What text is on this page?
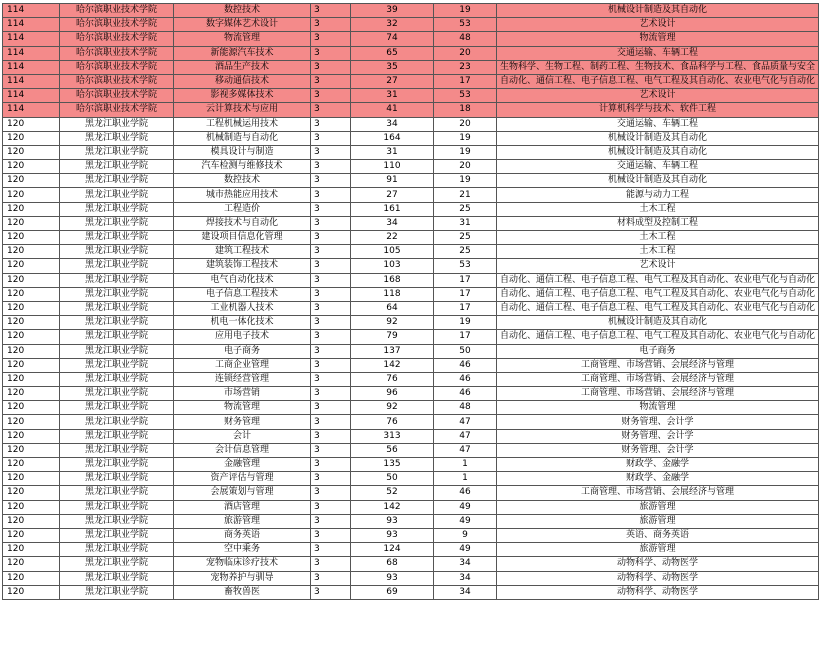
114	哈尔滨职业技术学院	数控技术	3	39	19	机械设计制造及其自动化
114	哈尔滨职业技术学院	数字媒体艺术设计	3	32	53	艺术设计
114	哈尔滨职业技术学院	物流管理	3	74	48	物流管理
114	哈尔滨职业技术学院	新能源汽车技术	3	65	20	交通运输、车辆工程
114	哈尔滨职业技术学院	酒品生产技术	3	35	23	生物科学、生物工程、制药工程、生物技术、食品科学与工程、食品质量与安全
114	哈尔滨职业技术学院	移动通信技术	3	27	17	自动化、通信工程、电子信息工程、电气工程及其自动化、农业电气化与自动化
114	哈尔滨职业技术学院	影视多媒体技术	3	31	53	艺术设计
114	哈尔滨职业技术学院	云计算技术与应用	3	41	18	计算机科学与技术、软件工程
120	黑龙江职业学院	工程机械运用技术	3	34	20	交通运输、车辆工程
120	黑龙江职业学院	机械制造与自动化	3	164	19	机械设计制造及其自动化
120	黑龙江职业学院	模具设计与制造	3	31	19	机械设计制造及其自动化
120	黑龙江职业学院	汽车检测与维修技术	3	110	20	交通运输、车辆工程
120	黑龙江职业学院	数控技术	3	91	19	机械设计制造及其自动化
120	黑龙江职业学院	城市热能应用技术	3	27	21	能源与动力工程
120	黑龙江职业学院	工程造价	3	161	25	土木工程
120	黑龙江职业学院	焊接技术与自动化	3	34	31	材料成型及控制工程
120	黑龙江职业学院	建设项目信息化管理	3	22	25	土木工程
120	黑龙江职业学院	建筑工程技术	3	105	25	土木工程
120	黑龙江职业学院	建筑装饰工程技术	3	103	53	艺术设计
120	黑龙江职业学院	电气自动化技术	3	168	17	自动化、通信工程、电子信息工程、电气工程及其自动化、农业电气化与自动化
120	黑龙江职业学院	电子信息工程技术	3	118	17	自动化、通信工程、电子信息工程、电气工程及其自动化、农业电气化与自动化
120	黑龙江职业学院	工业机器人技术	3	64	17	自动化、通信工程、电子信息工程、电气工程及其自动化、农业电气化与自动化
120	黑龙江职业学院	机电一体化技术	3	92	19	机械设计制造及其自动化
120	黑龙江职业学院	应用电子技术	3	79	17	自动化、通信工程、电子信息工程、电气工程及其自动化、农业电气化与自动化
120	黑龙江职业学院	电子商务	3	137	50	电子商务
120	黑龙江职业学院	工商企业管理	3	142	46	工商管理、市场营销、会展经济与管理
120	黑龙江职业学院	连锁经营管理	3	76	46	工商管理、市场营销、会展经济与管理
120	黑龙江职业学院	市场营销	3	96	46	工商管理、市场营销、会展经济与管理
120	黑龙江职业学院	物流管理	3	92	48	物流管理
120	黑龙江职业学院	财务管理	3	76	47	财务管理、会计学
120	黑龙江职业学院	会计	3	313	47	财务管理、会计学
120	黑龙江职业学院	会计信息管理	3	56	47	财务管理、会计学
120	黑龙江职业学院	金融管理	3	135	1	财政学、金融学
120	黑龙江职业学院	资产评估与管理	3	50	1	财政学、金融学
120	黑龙江职业学院	会展策划与管理	3	52	46	工商管理、市场营销、会展经济与管理
120	黑龙江职业学院	酒店管理	3	142	49	旅游管理
120	黑龙江职业学院	旅游管理	3	93	49	旅游管理
120	黑龙江职业学院	商务英语	3	93	9	英语、商务英语
120	黑龙江职业学院	空中乘务	3	124	49	旅游管理
120	黑龙江职业学院	宠物临床诊疗技术	3	68	34	动物科学、动物医学
120	黑龙江职业学院	宠物养护与驯导	3	93	34	动物科学、动物医学
120	黑龙江职业学院	畜牧兽医	3	69	34	动物科学、动物医学
